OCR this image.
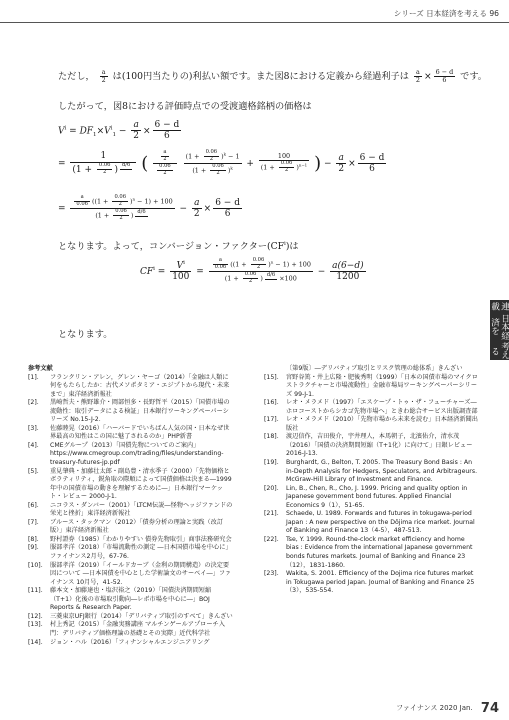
シリーズ 日本経済を考える 96
ただし， $\frac{a}{2}$ は(100円当たりの)利払い額です。また図8における定義から経過利子は $\frac{a}{2} \times \frac{6 - d}{6}$ です。
したがって，図8における評価時点での受渡適格銘柄の価格は
$V^i = DF_1\times V^i_1 - \frac{a}{2} \times \frac{6 - d}{6}$
= $\frac{1}{(1 + \frac{0.06}{2} ) ^{d/6}}$ ( $\frac{a}{2}$
0.06
2
$\frac{(1 + \frac{0.06}{2} )^k - 1}{(1 + \frac{0.06}{2} )^k} + \frac{100}{(1 + \frac{0.06}{2} )^{n-1}}$ ) − $\frac{a}{2} \times \frac{6 - d}{6}$
= $\frac{\frac{a}{0.06} ((1 + \frac{0.06}{2} )^n - 1) + 100}{(1 + \frac{0.06}{2} ) ^{d/6}} - \frac{a}{2} \times \frac{6 - d}{6}$
となります。よって，コンバージョン・ファクター$(CF^i)$は
$CF^i = \frac{V^i}{100} = \frac{\frac{a}{0.06} ((1 + \frac{0.06}{2} )^n - 1) + 100}{(1 + \frac{0.06}{2} ) ^{d/6} \times 100} - \frac{a(6-d)}{1200}$
となります。
参考文献
[1].	フランクリン・アレン，グレン・ヤーゴ（2014）「金融は人類に何をもたらしたか：古代メソポタミア・エジプトから現代・未来まで」東洋経済新報社
[2].	黒崎哲夫・熊野雄介・岡部恒多・長野哲平（2015）「国債市場の流動性：取引データによる検証」日本銀行ワーキングペーパーシリーズ No.15-J-2．
[3].	佐藤睦晃（2016）「ハーバードでいちばん人気の国・日本なぜ世界最高の知性はこの国に魅了されるのか」PHP新書
[4].	CMEグループ（2013）「国債先物についてのご案内」https://www.cmegroup.com/trading/files/understanding-treasury-futures-jp.pdf
[5].	重見肇典・加藤壮太郎・副島豊・清水季子（2000）「先物価格とボラティリティ，鋭角取の際順によって国債価格は決まる―1999年中の国債市場の動きを理解するために―」日本銀行マーケット・レビュー 2000-J-1.
[6].	ニコラス・ダンバー（2001）「LTCM伝説―怪物ヘッジファンドの栄光と挫折」東洋経済新報社
[7].	ブルース・タックマン（2012）「債券分析の理論と実践（改訂版）」東洋経済新報社
[8].	野村證券（1985）「わかりやすい 債券先物取引」商事法務研究会
[9].	服部孝洋（2018）「市場流動性の測定 ―日本国債市場を中心に」ファイナンス2月号，67-76．
[10].	服部孝洋（2019）「イールドカーブ（金利の期間構造）の決定要因について ―日本国債を中心とした学術論文のサーベイ―」ファイナンス 10月号，41-52．
[11].	藤本文・加藤達也・塩沢裕之（2019）「国債決済期間短縮（T+1）化後の市場取引動向―レポ市場を中心に―」BOJ Reports & Research Paper.
[12].	三菱東京UFJ銀行（2014）「デリバティブ取引のすべて」きんざい
[13].	村上秀記（2015）「金融実務講座 マルチンゲールアプローチ入門：デリバティブ価格理論の基礎とその実際」近代科学社
[14].	ジョン・ハル（2016）「フィナンシャルエンジニアリング
〔第9版〕―デリバティブ取引とリスク管理の総体系」きんざい
[15].	宮野谷篤・井上広隆・肥後秀明（1999）「日本の国債市場のマイクロストラクチャーと市場流動性」金融市場局ワーキングペーパーシリーズ 99-J-1.
[16].	レオ・メラメド（1997）「エスケープ・トゥ・ザ・フューチャーズ―ホロコーストからシカゴ先物市場へ」ときわ総合サービス出版調査部
[17].	レオ・メラメド（2010）「先物市場から未来を読む」日本経済新聞出版社
[18].	渡辺信作，吉田俊介，宇井理人，本馬朝子，北濱佑介，清水茂（2016）「国債の決済期間短縮（T+1化）に向けて」日銀レビュー 2016-J-13.
[19].	Burghardt, G., Belton, T. 2005. The Treasury Bond Basis : An in-Depth Analysis for Hedgers, Speculators, and Arbitrageurs. McGraw-Hill Library of Investment and Finance.
[20].	Lin, B., Chen, R., Cho, J. 1999. Pricing and quality option in Japanese government bond futures. Applied Financial Economics 9（1），51-65.
[21].	Schaede, U. 1989. Forwards and futures in tokugawa-period Japan : A new perspective on the Dōjima rice market. Journal of Banking and Finance 13（4-5），487-513.
[22].	Tse, Y. 1999. Round-the-clock market efficiency and home bias : Evidence from the international Japanese government bonds futures markets. Journal of Banking and Finance 23（12），1831-1860.
[23].	Wakita, S. 2001. Efficiency of the Dojima rice futures market in Tokugawa period Japan. Journal of Banking and Finance 25（3），535-554.
連載
日本経済を
考える
ファイナンス 2020 Jan. 74
